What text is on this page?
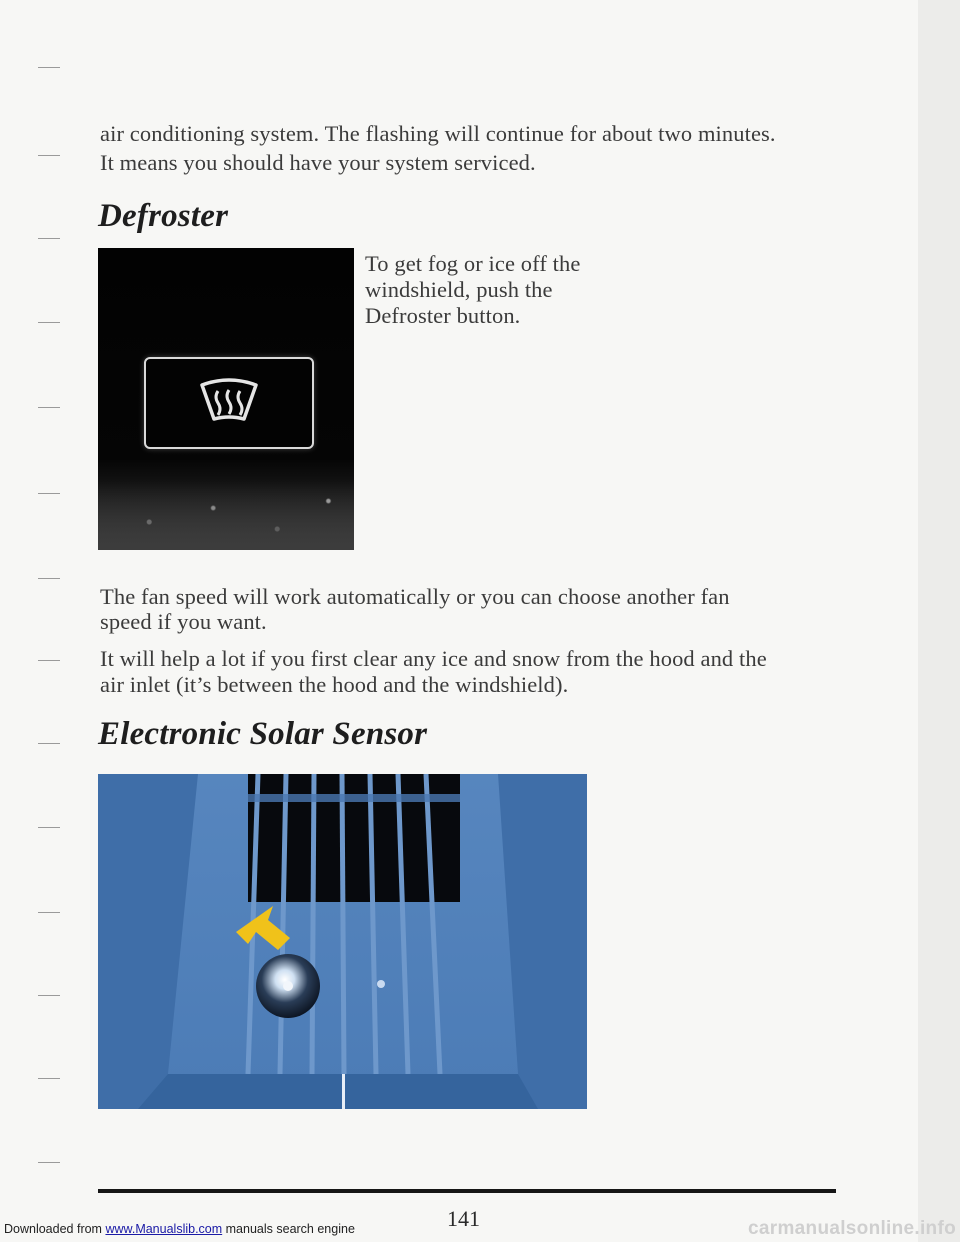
air conditioning system. The flashing will continue for about two minutes.
It means you should have your system serviced.
Defroster
To get fog or ice off the
windshield, push the
Defroster button.
The fan speed will work automatically or you can choose another fan
speed if you want.
It will help a lot if you first clear any ice and snow from the hood and the
air inlet (it’s between the hood and the windshield).
Electronic Solar Sensor
141
Downloaded from www.Manualslib.com manuals search engine	carmanualsonline.info
